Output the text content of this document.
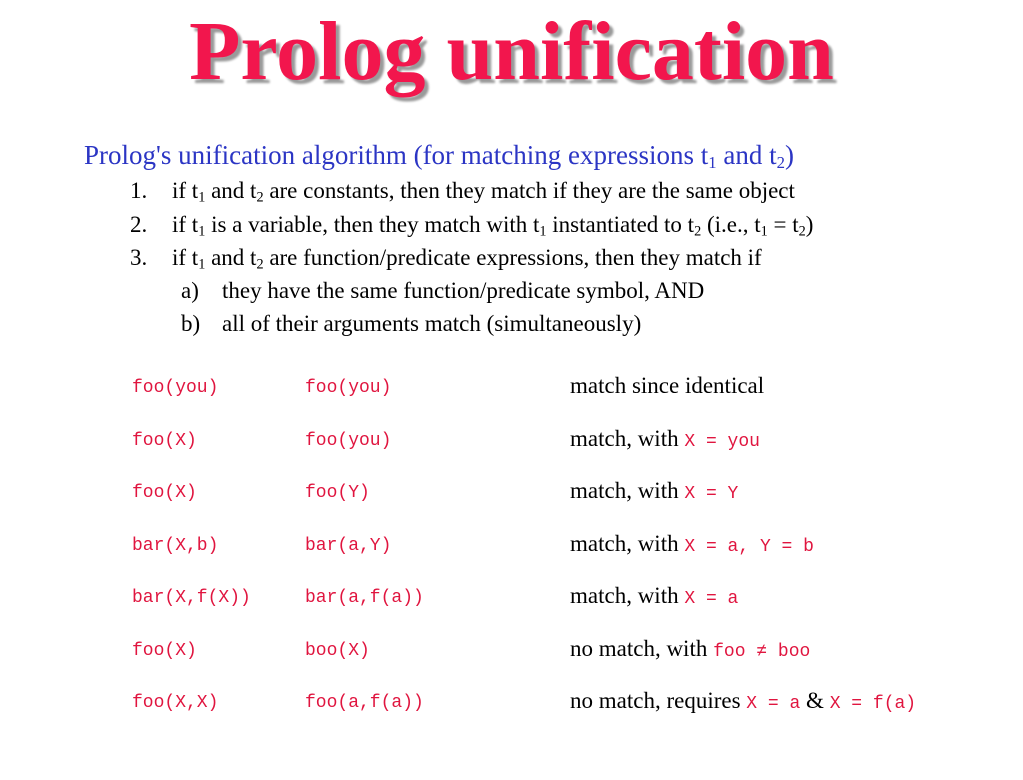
Prolog unification

Prolog's unification algorithm (for matching expressions $t_1$ and $t_2$)

1. if $t_1$ and $t_2$ are constants, then they match if they are the same object
2. if $t_1$ is a variable, then they match with $t_1$ instantiated to $t_2$ (i.e., $t_1 = t_2$)
3. if $t_1$ and $t_2$ are function/predicate expressions, then they match if
a) they have the same function/predicate symbol, AND
b) all of their arguments match (simultaneously)
foo(you)	foo(you)	match since identical
foo(X)	foo(you)	match, with X = you
foo(X)	foo(Y)	match, with X = Y
bar(X,b)	bar(a,Y)	match, with X = a, Y = b
bar(X,f(X))	bar(a,f(a))	match, with X = a
foo(X)	boo(X)	no match, with foo ≠ boo
foo(X,X)	foo(a,f(a))	no match, requires X = a & X = f(a)
